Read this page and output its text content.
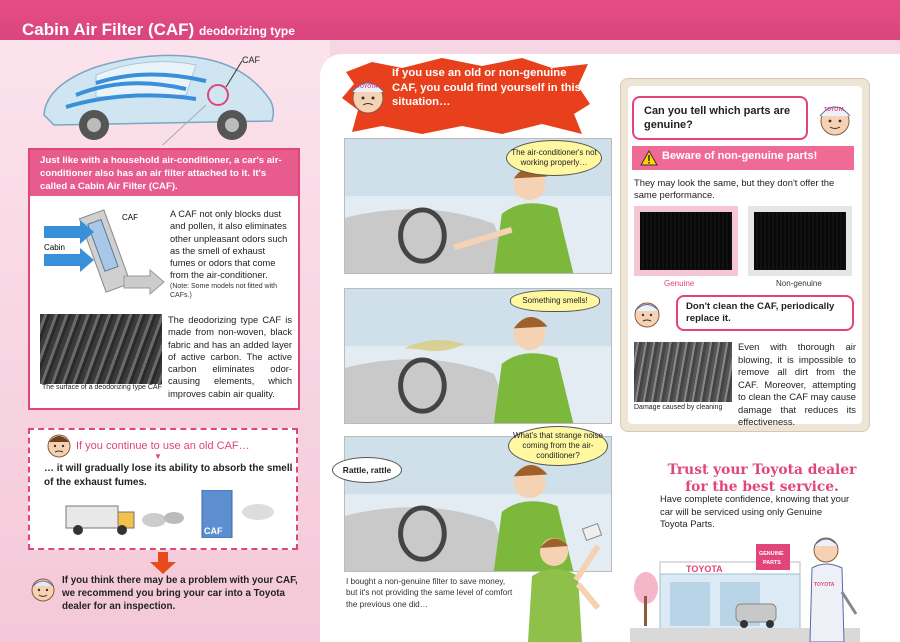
Cabin Air Filter (CAF) deodorizing type
CAF
Just like with a household air-conditioner, a car's air-conditioner also has an air filter attached to it. It's called a Cabin Air Filter (CAF).
CAF
Cabin
A CAF not only blocks dust and pollen, it also eliminates other unpleasant odors such as the smell of exhaust fumes or odors that come from the air-conditioner.
(Note: Some models not fitted with CAFs.)
The surface of a deodorizing type CAF
The deodorizing type CAF is made from non-woven, black fabric and has an added layer of active carbon. The active carbon eliminates odor-causing elements, which improves cabin air quality.
If you continue to use an old CAF…
▼
… it will gradually lose its ability to absorb the smell of the exhaust fumes.
CAF
If you think there may be a problem with your CAF, we recommend you bring your car into a Toyota dealer for an inspection.
TOYOTA
If you use an old or non-genuine CAF, you could find yourself in this situation…
The air-conditioner's not working properly…
Something smells!
What's that strange noise coming from the air-conditioner?
Rattle, rattle
I bought a non-genuine filter to save money, but it's not providing the same level of comfort the previous one did…
Can you tell which parts are genuine?
TOYOTA
Beware of non-genuine parts!
They may look the same, but they don't offer the same performance.
Genuine	Non-genuine
Don't clean the CAF, periodically replace it.
Damage caused by cleaning
Even with thorough air blowing, it is impossible to remove all dirt from the CAF. Moreover, attempting to clean the CAF may cause damage that reduces its effectiveness.
Trust your Toyota dealer for the best service.
Have complete confidence, knowing that your car will be serviced using only Genuine Toyota Parts.
TOYOTA
GENUINE
PARTS
TOYOTA
